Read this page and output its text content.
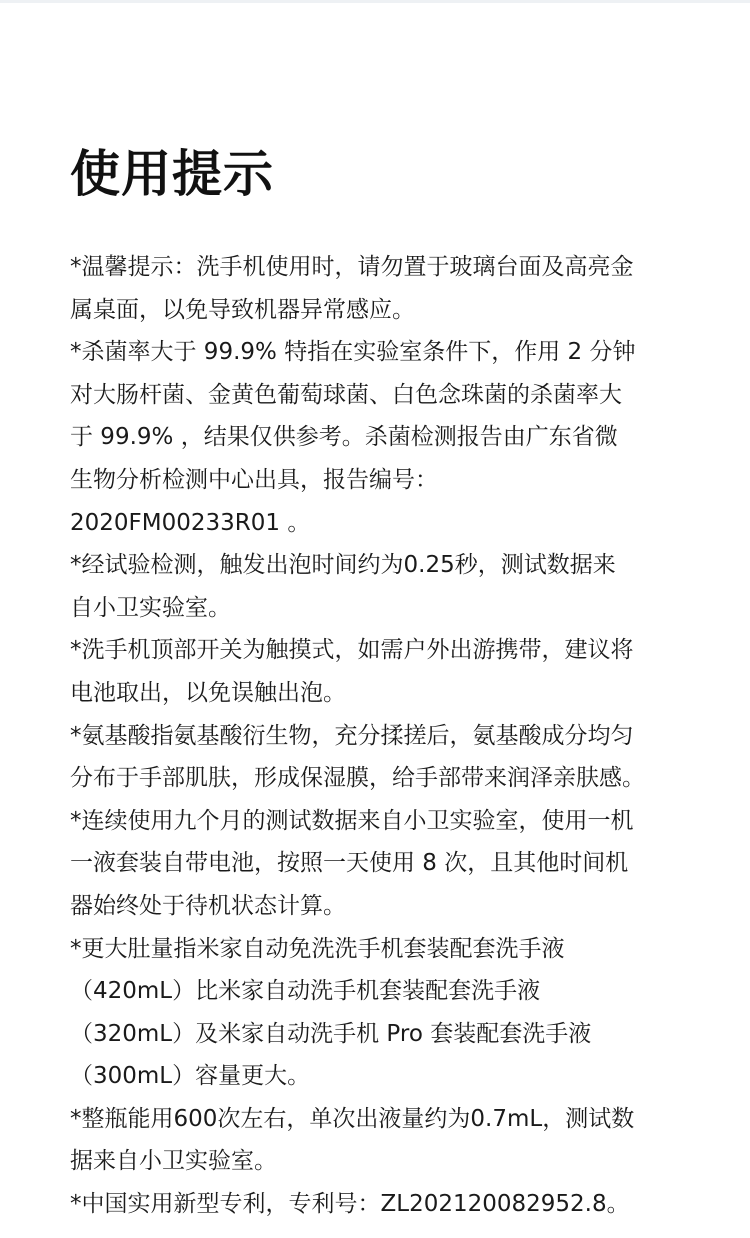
使用提示

*温馨提示：洗手机使用时，请勿置于玻璃台面及高亮金
属桌面，以免导致机器异常感应。

*杀菌率大于 99.9% 特指在实验室条件下，作用 2 分钟
对大肠杆菌、金黄色葡萄球菌、白色念珠菌的杀菌率大
于 99.9% ，结果仅供参考。杀菌检测报告由广东省微
生物分析检测中心出具，报告编号：
2020FM00233R01 。

*经试验检测，触发出泡时间约为0.25秒，测试数据来
自小卫实验室。

*洗手机顶部开关为触摸式，如需户外出游携带，建议将
电池取出，以免误触出泡。

*氨基酸指氨基酸衍生物，充分揉搓后，氨基酸成分均匀
分布于手部肌肤，形成保湿膜，给手部带来润泽亲肤感。

*连续使用九个月的测试数据来自小卫实验室，使用一机
一液套装自带电池，按照一天使用 8 次，且其他时间机
器始终处于待机状态计算。

*更大肚量指米家自动免洗洗手机套装配套洗手液
（420mL）比米家自动洗手机套装配套洗手液
（320mL）及米家自动洗手机 Pro 套装配套洗手液
（300mL）容量更大。

*整瓶能用600次左右，单次出液量约为0.7mL，测试数
据来自小卫实验室。

*中国实用新型专利，专利号：ZL202120082952.8。
